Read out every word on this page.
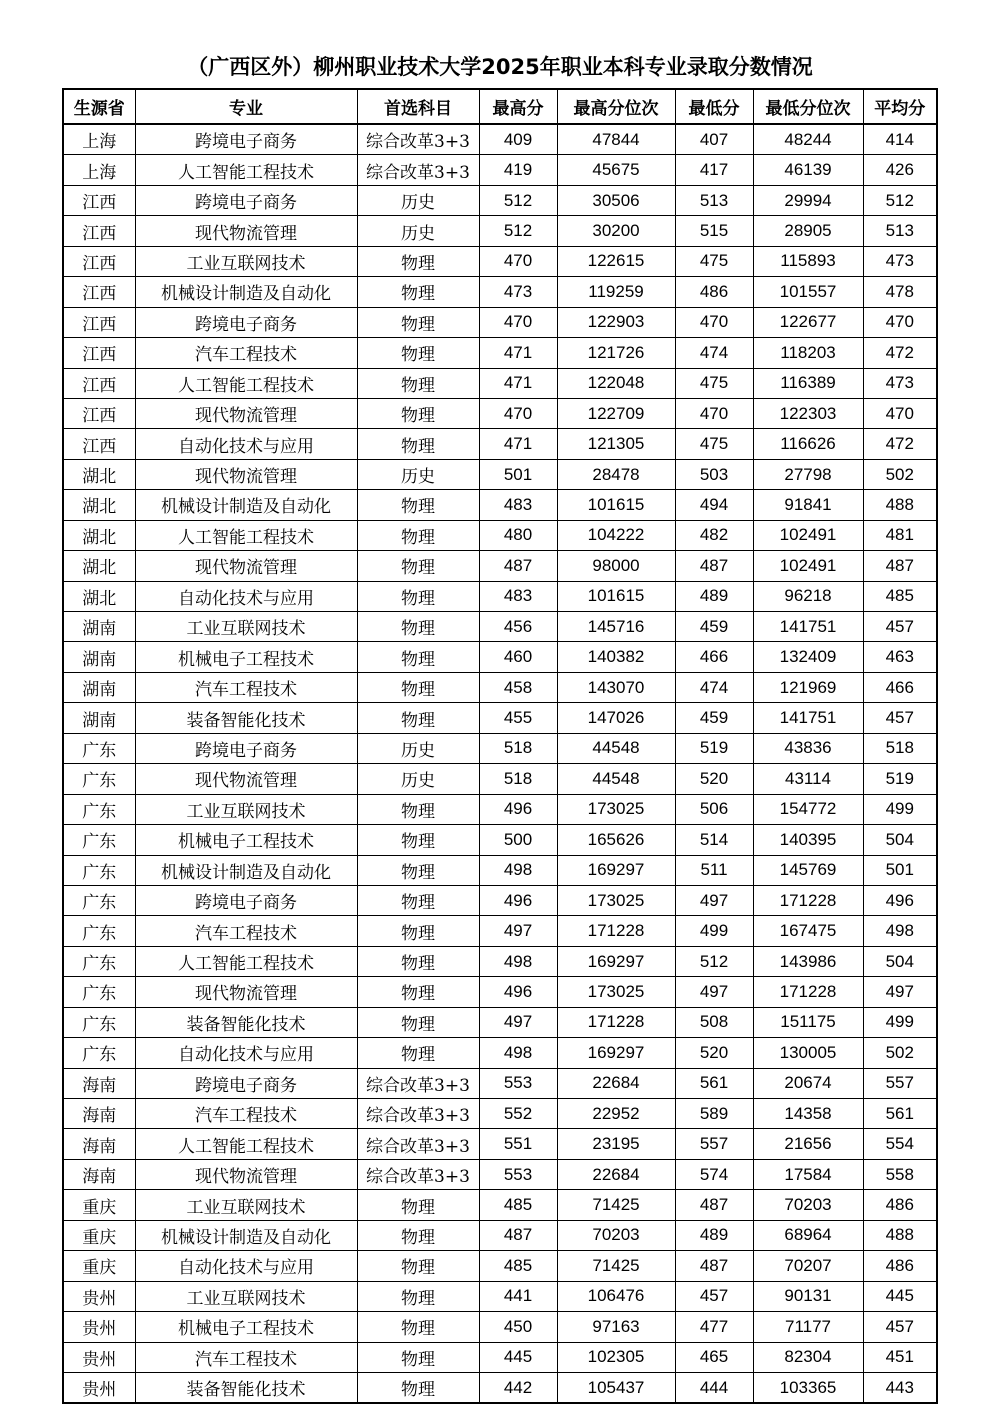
（广西区外）柳州职业技术大学2025年职业本科专业录取分数情况
生源省	专业	首选科目	最高分	最高分位次	最低分	最低分位次	平均分
上海	跨境电子商务	综合改革3+3	409	47844	407	48244	414
上海	人工智能工程技术	综合改革3+3	419	45675	417	46139	426
江西	跨境电子商务	历史	512	30506	513	29994	512
江西	现代物流管理	历史	512	30200	515	28905	513
江西	工业互联网技术	物理	470	122615	475	115893	473
江西	机械设计制造及自动化	物理	473	119259	486	101557	478
江西	跨境电子商务	物理	470	122903	470	122677	470
江西	汽车工程技术	物理	471	121726	474	118203	472
江西	人工智能工程技术	物理	471	122048	475	116389	473
江西	现代物流管理	物理	470	122709	470	122303	470
江西	自动化技术与应用	物理	471	121305	475	116626	472
湖北	现代物流管理	历史	501	28478	503	27798	502
湖北	机械设计制造及自动化	物理	483	101615	494	91841	488
湖北	人工智能工程技术	物理	480	104222	482	102491	481
湖北	现代物流管理	物理	487	98000	487	102491	487
湖北	自动化技术与应用	物理	483	101615	489	96218	485
湖南	工业互联网技术	物理	456	145716	459	141751	457
湖南	机械电子工程技术	物理	460	140382	466	132409	463
湖南	汽车工程技术	物理	458	143070	474	121969	466
湖南	装备智能化技术	物理	455	147026	459	141751	457
广东	跨境电子商务	历史	518	44548	519	43836	518
广东	现代物流管理	历史	518	44548	520	43114	519
广东	工业互联网技术	物理	496	173025	506	154772	499
广东	机械电子工程技术	物理	500	165626	514	140395	504
广东	机械设计制造及自动化	物理	498	169297	511	145769	501
广东	跨境电子商务	物理	496	173025	497	171228	496
广东	汽车工程技术	物理	497	171228	499	167475	498
广东	人工智能工程技术	物理	498	169297	512	143986	504
广东	现代物流管理	物理	496	173025	497	171228	497
广东	装备智能化技术	物理	497	171228	508	151175	499
广东	自动化技术与应用	物理	498	169297	520	130005	502
海南	跨境电子商务	综合改革3+3	553	22684	561	20674	557
海南	汽车工程技术	综合改革3+3	552	22952	589	14358	561
海南	人工智能工程技术	综合改革3+3	551	23195	557	21656	554
海南	现代物流管理	综合改革3+3	553	22684	574	17584	558
重庆	工业互联网技术	物理	485	71425	487	70203	486
重庆	机械设计制造及自动化	物理	487	70203	489	68964	488
重庆	自动化技术与应用	物理	485	71425	487	70207	486
贵州	工业互联网技术	物理	441	106476	457	90131	445
贵州	机械电子工程技术	物理	450	97163	477	71177	457
贵州	汽车工程技术	物理	445	102305	465	82304	451
贵州	装备智能化技术	物理	442	105437	444	103365	443
